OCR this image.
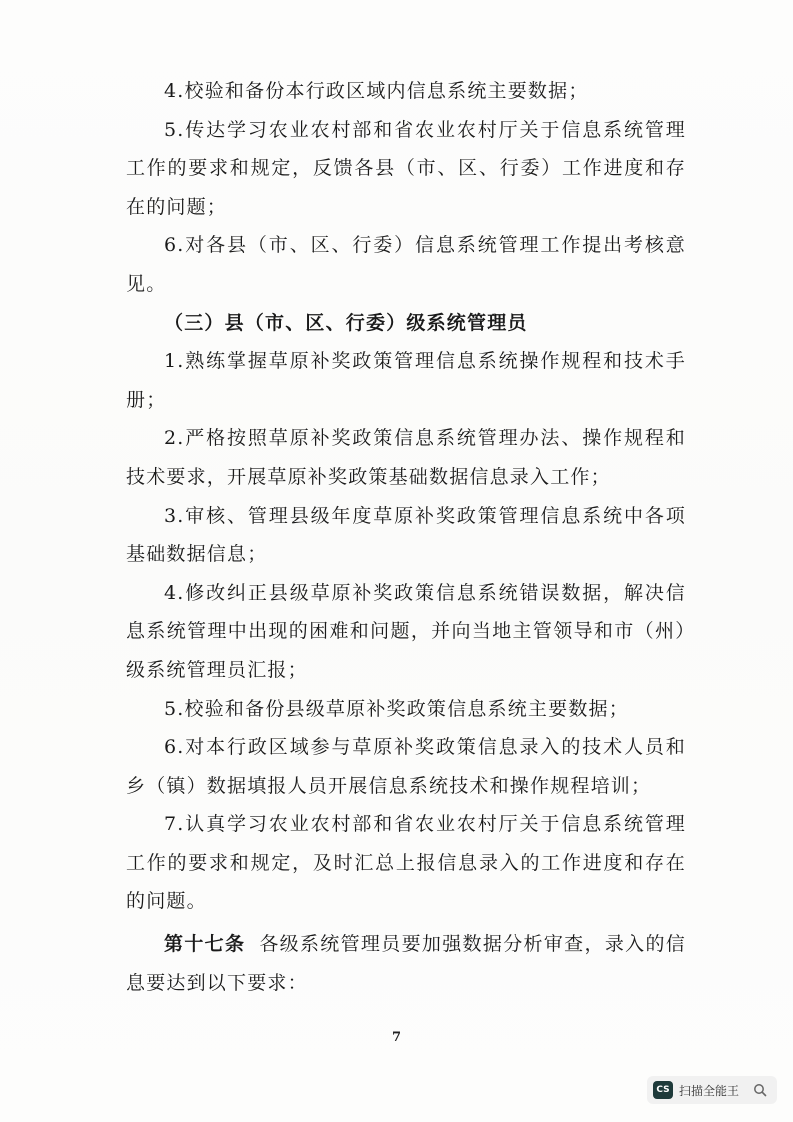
4.校验和备份本行政区域内信息系统主要数据；

5.传达学习农业农村部和省农业农村厅关于信息系统管理工作的要求和规定，反馈各县（市、区、行委）工作进度和存在的问题；

6.对各县（市、区、行委）信息系统管理工作提出考核意见。

（三）县（市、区、行委）级系统管理员

1.熟练掌握草原补奖政策管理信息系统操作规程和技术手册；

2.严格按照草原补奖政策信息系统管理办法、操作规程和技术要求，开展草原补奖政策基础数据信息录入工作；

3.审核、管理县级年度草原补奖政策管理信息系统中各项基础数据信息；

4.修改纠正县级草原补奖政策信息系统错误数据，解决信息系统管理中出现的困难和问题，并向当地主管领导和市（州）级系统管理员汇报；

5.校验和备份县级草原补奖政策信息系统主要数据；

6.对本行政区域参与草原补奖政策信息录入的技术人员和乡（镇）数据填报人员开展信息系统技术和操作规程培训；

7.认真学习农业农村部和省农业农村厅关于信息系统管理工作的要求和规定，及时汇总上报信息录入的工作进度和存在的问题。

第十七条 各级系统管理员要加强数据分析审查，录入的信息要达到以下要求：

7
CS 扫描全能王
